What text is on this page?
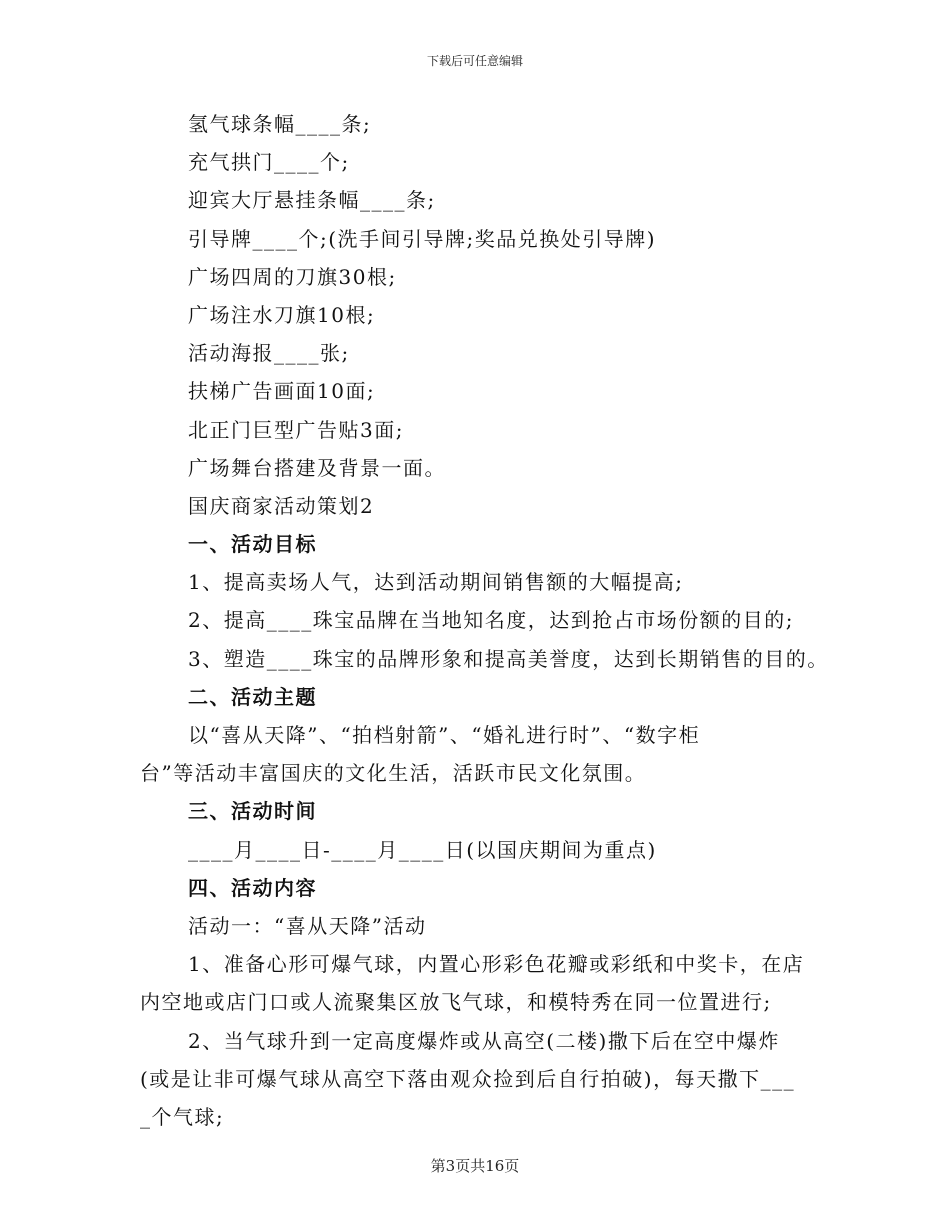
下载后可任意编辑
氢气球条幅____条;
充气拱门____个;
迎宾大厅悬挂条幅____条;
引导牌____个;(洗手间引导牌;奖品兑换处引导牌)
广场四周的刀旗30根;
广场注水刀旗10根;
活动海报____张;
扶梯广告画面10面;
北正门巨型广告贴3面;
广场舞台搭建及背景一面。
国庆商家活动策划2
一、活动目标
1、提高卖场人气，达到活动期间销售额的大幅提高;
2、提高____珠宝品牌在当地知名度，达到抢占市场份额的目的;
3、塑造____珠宝的品牌形象和提高美誉度，达到长期销售的目的。
二、活动主题
以“喜从天降”、“拍档射箭”、“婚礼进行时”、“数字柜
台”等活动丰富国庆的文化生活，活跃市民文化氛围。
三、活动时间
____月____日-____月____日(以国庆期间为重点)
四、活动内容
活动一：“喜从天降”活动
1、准备心形可爆气球，内置心形彩色花瓣或彩纸和中奖卡，在店
内空地或店门口或人流聚集区放飞气球，和模特秀在同一位置进行;
2、当气球升到一定高度爆炸或从高空(二楼)撒下后在空中爆炸
(或是让非可爆气球从高空下落由观众捡到后自行拍破)，每天撒下___
_个气球;
第3页共16页
